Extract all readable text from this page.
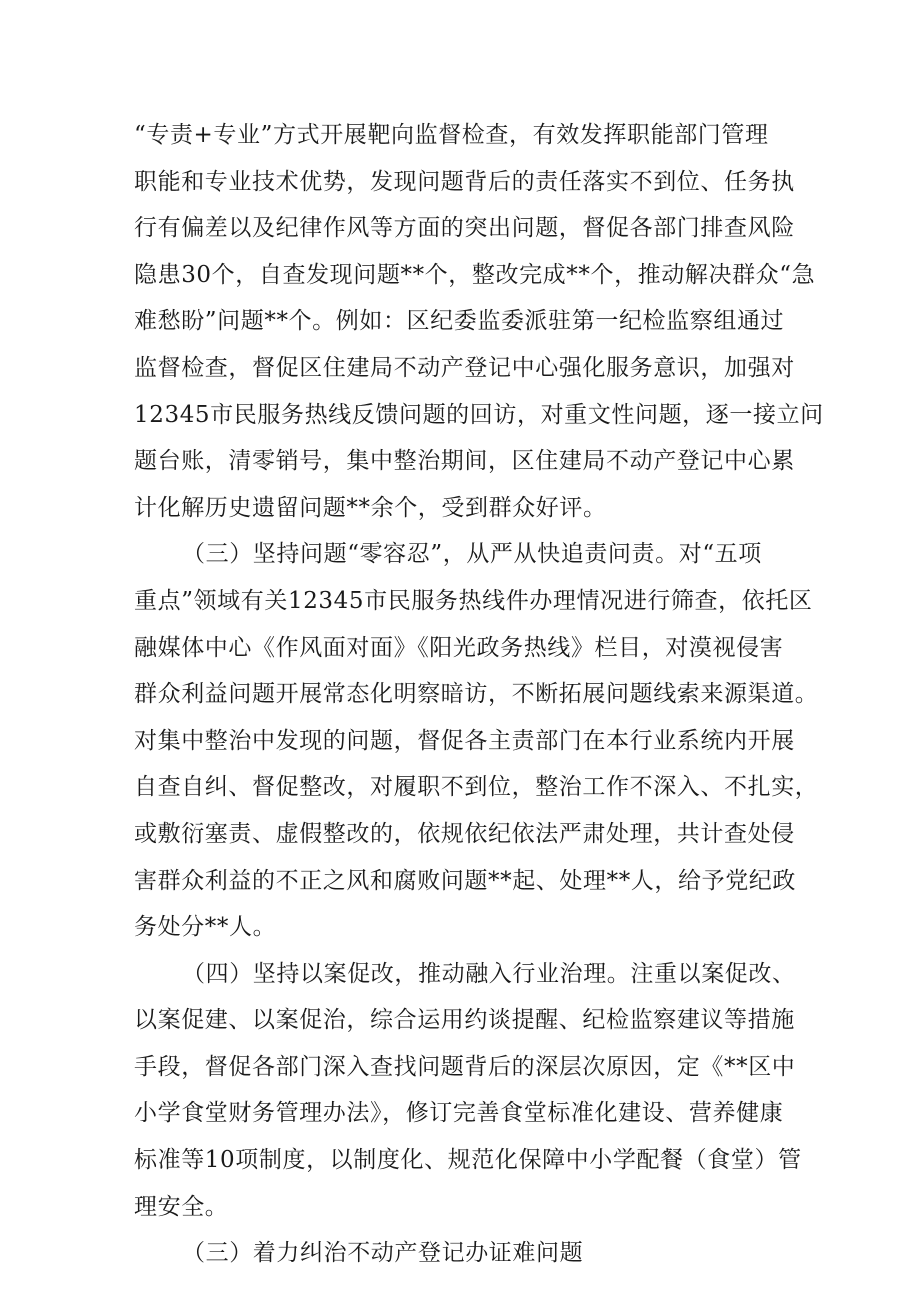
“专责+专业”方式开展靶向监督检查，有效发挥职能部门管理
职能和专业技术优势，发现问题背后的责任落实不到位、任务执
行有偏差以及纪律作风等方面的突出问题，督促各部门排查风险
隐患30个，自查发现问题**个，整改完成**个，推动解决群众“急
难愁盼”问题**个。例如：区纪委监委派驻第一纪检监察组通过
监督检查，督促区住建局不动产登记中心强化服务意识，加强对
12345市民服务热线反馈问题的回访，对重文性问题，逐一接立问
题台账，清零销号，集中整治期间，区住建局不动产登记中心累
计化解历史遗留问题**余个，受到群众好评。
（三）坚持问题“零容忍”，从严从快追责问责。对“五项
重点”领域有关12345市民服务热线件办理情况进行筛查，依托区
融媒体中心《作风面对面》《阳光政务热线》栏目，对漠视侵害
群众利益问题开展常态化明察暗访，不断拓展问题线索来源渠道。
对集中整治中发现的问题，督促各主责部门在本行业系统内开展
自查自纠、督促整改，对履职不到位，整治工作不深入、不扎实，
或敷衍塞责、虚假整改的，依规依纪依法严肃处理，共计查处侵
害群众利益的不正之风和腐败问题**起、处理**人，给予党纪政
务处分**人。
（四）坚持以案促改，推动融入行业治理。注重以案促改、
以案促建、以案促治，综合运用约谈提醒、纪检监察建议等措施
手段，督促各部门深入查找问题背后的深层次原因，定《**区中
小学食堂财务管理办法》，修订完善食堂标准化建设、营养健康
标准等10项制度，以制度化、规范化保障中小学配餐（食堂）管
理安全。
（三）着力纠治不动产登记办证难问题
